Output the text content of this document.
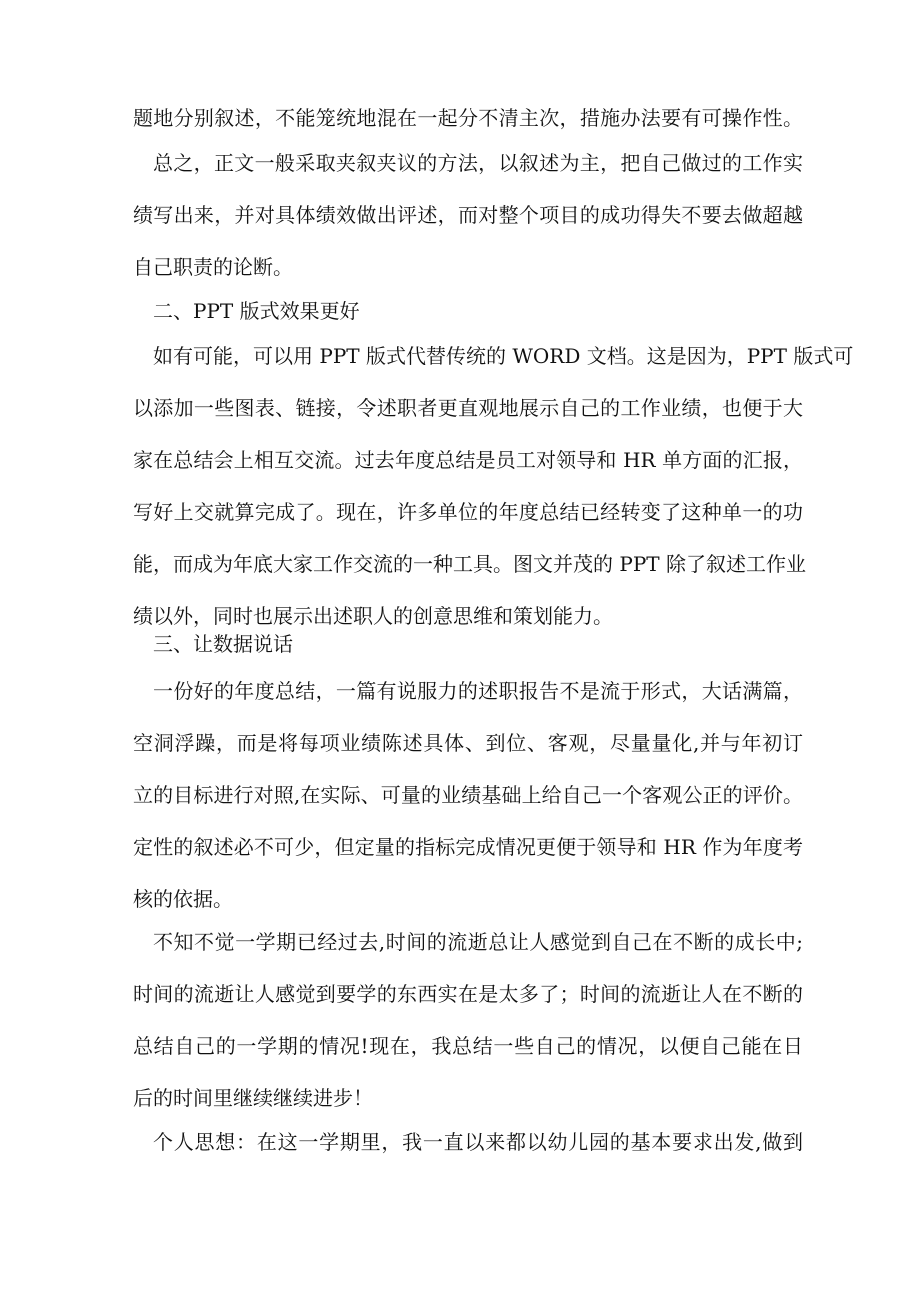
题地分别叙述，不能笼统地混在一起分不清主次，措施办法要有可操作性。
总之，正文一般采取夹叙夹议的方法，以叙述为主，把自己做过的工作实
绩写出来，并对具体绩效做出评述，而对整个项目的成功得失不要去做超越
自己职责的论断。
二、PPT 版式效果更好
如有可能，可以用 PPT 版式代替传统的 WORD 文档。这是因为，PPT 版式可
以添加一些图表、链接，令述职者更直观地展示自己的工作业绩，也便于大
家在总结会上相互交流。过去年度总结是员工对领导和 HR 单方面的汇报，
写好上交就算完成了。现在，许多单位的年度总结已经转变了这种单一的功
能，而成为年底大家工作交流的一种工具。图文并茂的 PPT 除了叙述工作业
绩以外，同时也展示出述职人的创意思维和策划能力。
三、让数据说话
一份好的年度总结，一篇有说服力的述职报告不是流于形式，大话满篇，
空洞浮躁，而是将每项业绩陈述具体、到位、客观，尽量量化,并与年初订
立的目标进行对照,在实际、可量的业绩基础上给自己一个客观公正的评价。
定性的叙述必不可少，但定量的指标完成情况更便于领导和 HR 作为年度考
核的依据。
不知不觉一学期已经过去,时间的流逝总让人感觉到自己在不断的成长中;
时间的流逝让人感觉到要学的东西实在是太多了；时间的流逝让人在不断的
总结自己的一学期的情况!现在，我总结一些自己的情况，以便自己能在日
后的时间里继续继续进步！
个人思想：在这一学期里，我一直以来都以幼儿园的基本要求出发,做到
